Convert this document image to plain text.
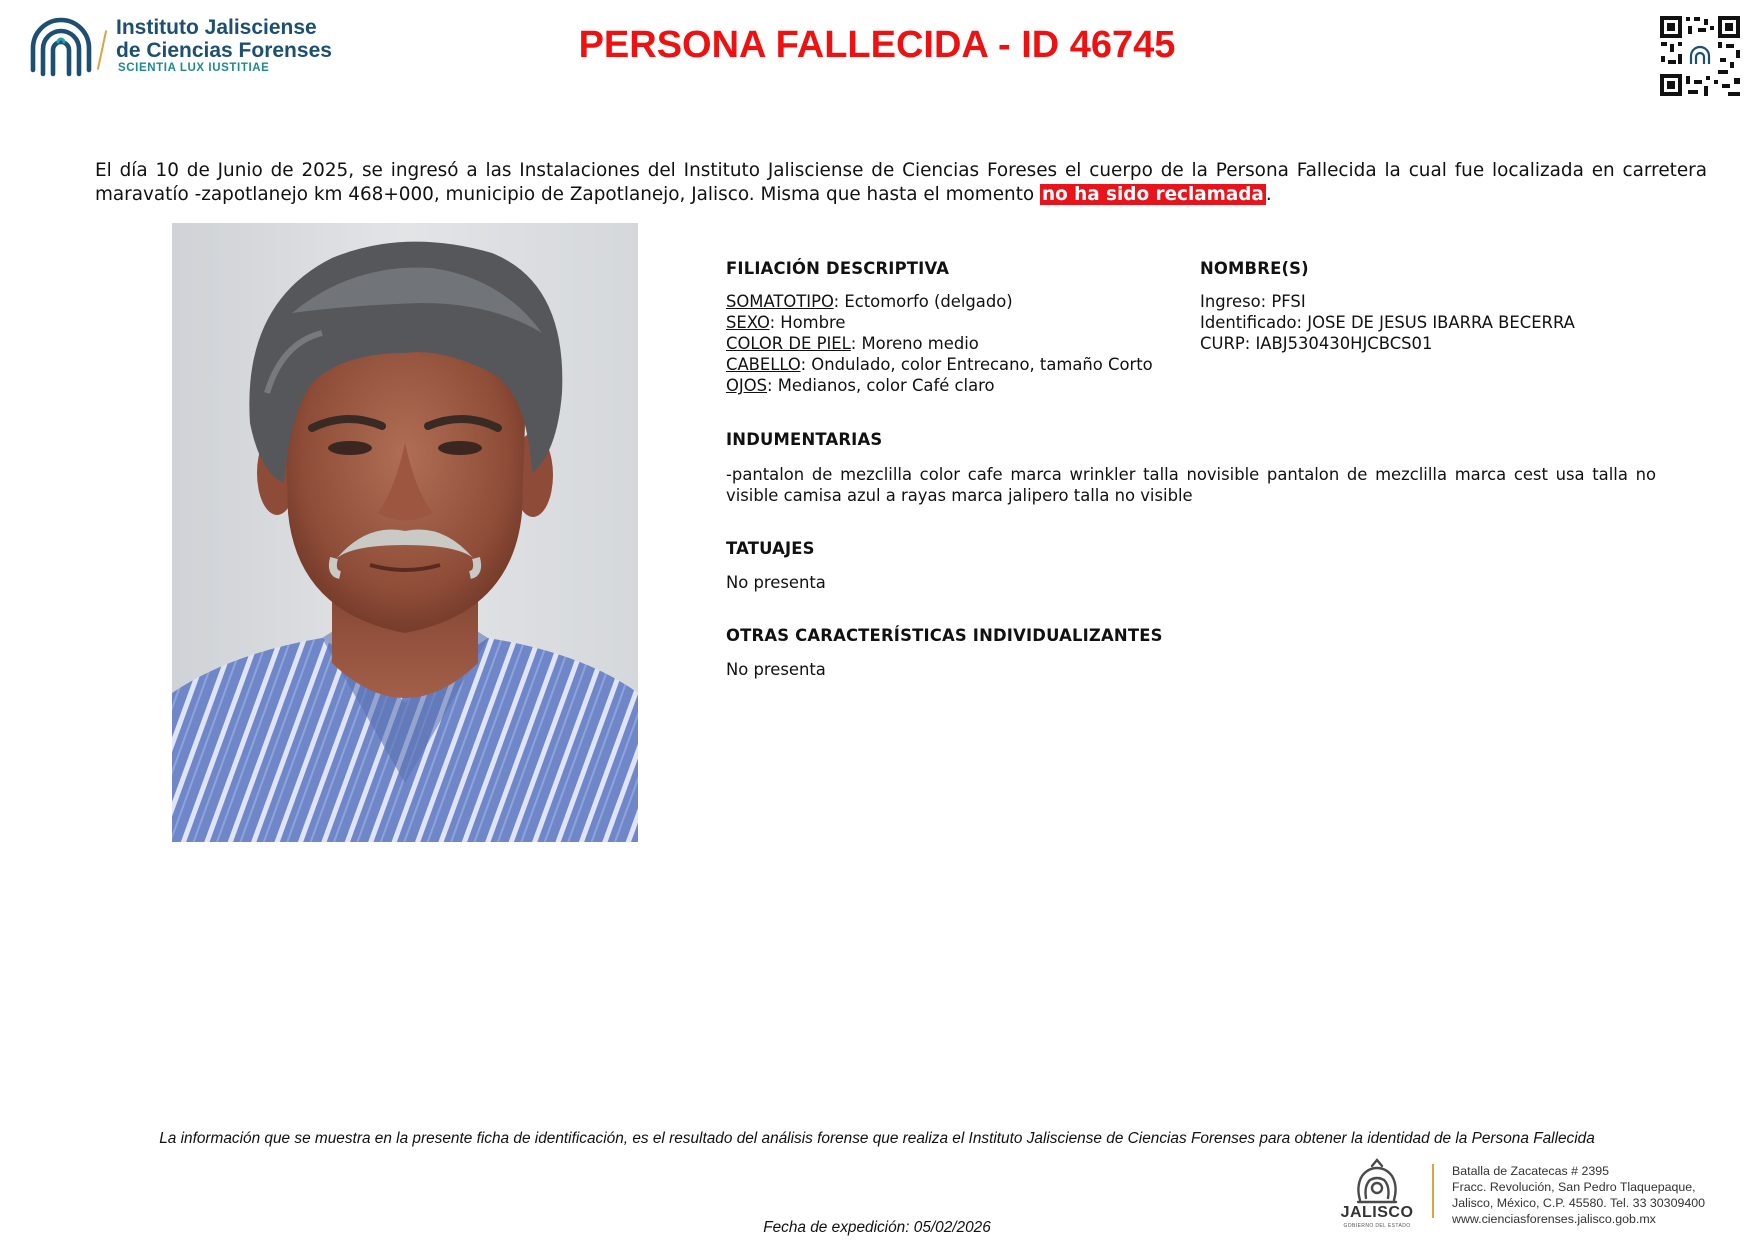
Instituto Jalisciense
de Ciencias Forenses
SCIENTIA LUX IUSTITIAE
PERSONA FALLECIDA - ID 46745
El día 10 de Junio de 2025, se ingresó a las Instalaciones del Instituto Jalisciense de Ciencias Foreses el cuerpo de la Persona Fallecida la cual fue localizada en carretera maravatío -zapotlanejo km 468+000, municipio de Zapotlanejo, Jalisco. Misma que hasta el momento no ha sido reclamada .
FILIACIÓN DESCRIPTIVA
SOMATOTIPO: Ectomorfo (delgado)
SEXO: Hombre
COLOR DE PIEL: Moreno medio
CABELLO: Ondulado, color Entrecano, tamaño Corto
OJOS: Medianos, color Café claro
NOMBRE(S)
Ingreso: PFSI
Identificado: JOSE DE JESUS IBARRA BECERRA
CURP: IABJ530430HJCBCS01
INDUMENTARIAS
-pantalon de mezclilla color cafe marca wrinkler talla novisible pantalon de mezclilla marca cest usa talla no visible camisa azul a rayas marca jalipero talla no visible
TATUAJES
No presenta
OTRAS CARACTERÍSTICAS INDIVIDUALIZANTES
No presenta
La información que se muestra en la presente ficha de identificación, es el resultado del análisis forense que realiza el Instituto Jalisciense de Ciencias Forenses para obtener la identidad de la Persona Fallecida
Fecha de expedición: 05/02/2026
JALISCO
GOBIERNO DEL ESTADO
Batalla de Zacatecas # 2395
Fracc. Revolución, San Pedro Tlaquepaque,
Jalisco, México, C.P. 45580. Tel. 33 30309400
www.cienciasforenses.jalisco.gob.mx
